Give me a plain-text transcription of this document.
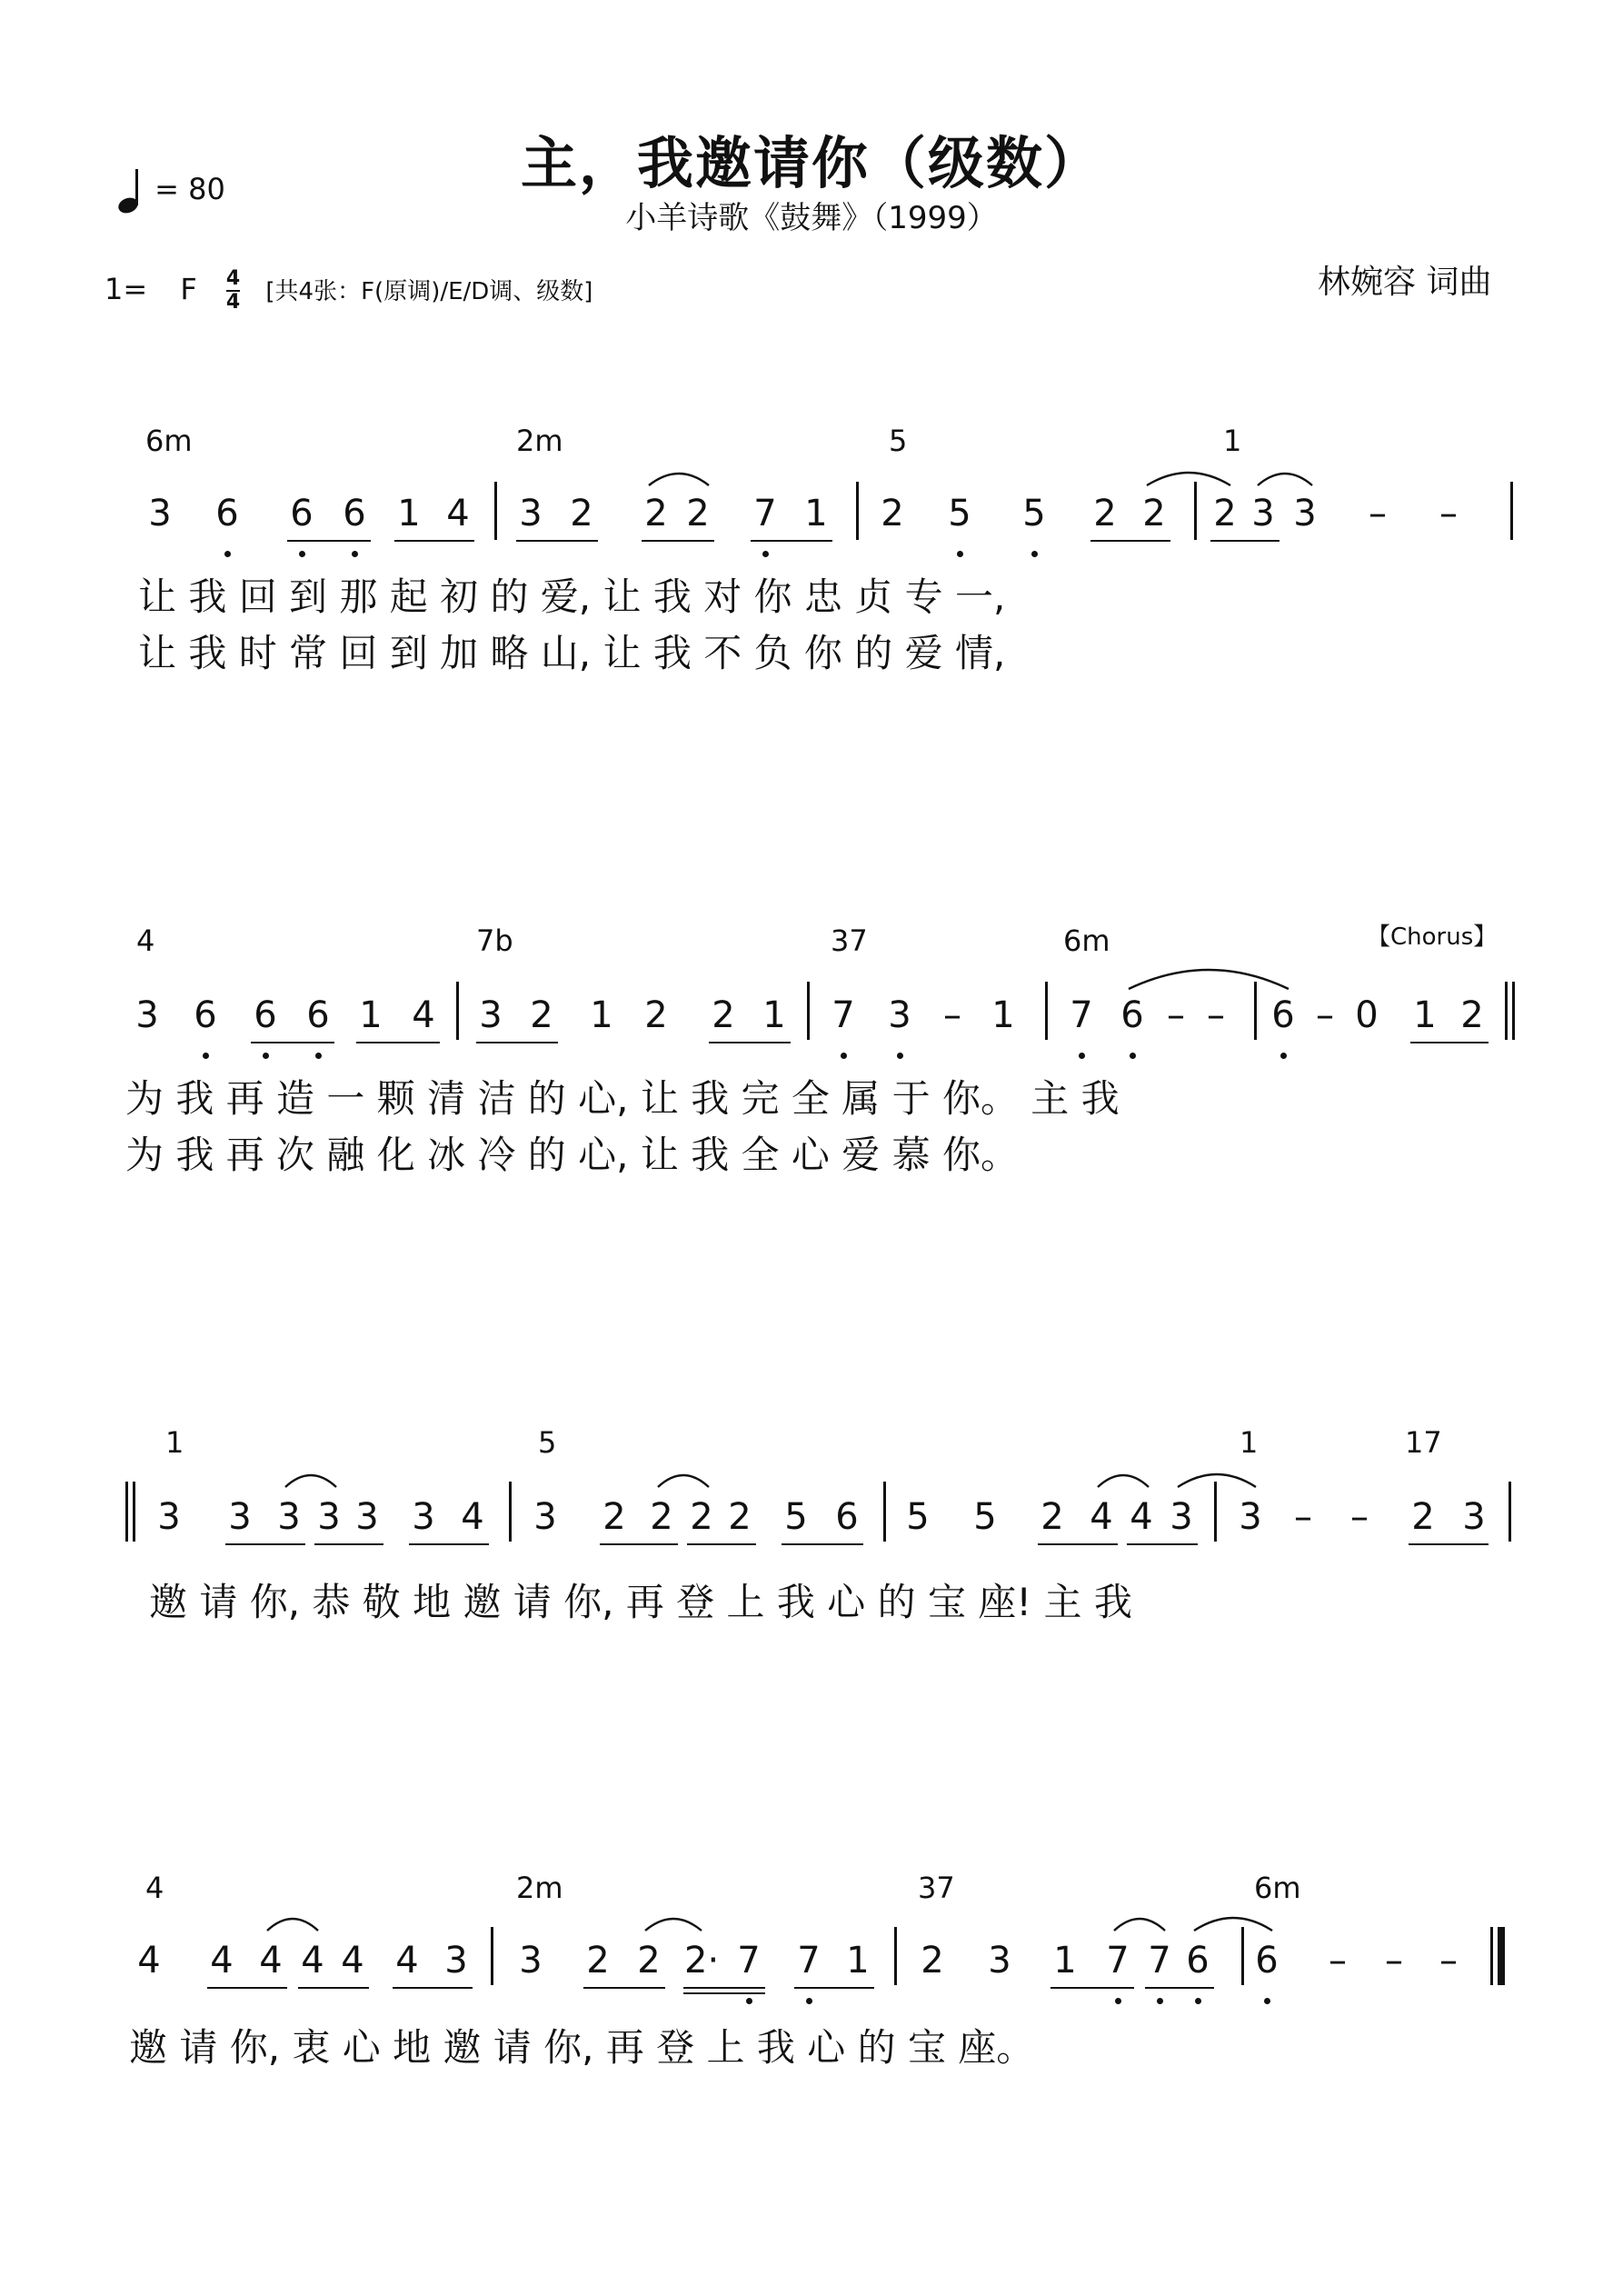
主，我邀请你（级数）
小羊诗歌《鼓舞》（1999）
= 80
1= F $\frac{4}{4}$ [共4张：F(原调)/E/D调、级数]	林婉容 词曲
【Chorus】
6m	2m	5	1
3 6 6 6 1 4 3 2 2 2 7 1 2 5 5 2 2 2 3 3 – –
让 我 回 到 那 起 初 的 爱, 让 我 对 你 忠 贞 专 一,
让 我 时 常 回 到 加 略 山, 让 我 不 负 你 的 爱 情,
4	7b	37	6m
3 6 6 6 1 4 3 2 1 2 2 1 7 3 – 1 7 6 – – 6 – 0 1 2
为 我 再 造 一 颗 清 洁 的 心, 让 我 完 全 属 于 你。 主 我
为 我 再 次 融 化 冰 冷 的 心, 让 我 全 心 爱 慕 你。
1	5	1	17
3 3 3 3 3 3 4 3 2 2 2 2 5 6 5 5 2 4 4 3 3 – – 2 3
邀 请 你, 恭 敬 地 邀 请 你, 再 登 上 我 心 的 宝 座! 主 我
4	2m	37	6m
4 4 4 4 4 4 3 3 2 2 2· 7 7 1 2 3 1 7 7 6 6 – – –
邀 请 你, 衷 心 地 邀 请 你, 再 登 上 我 心 的 宝 座。
